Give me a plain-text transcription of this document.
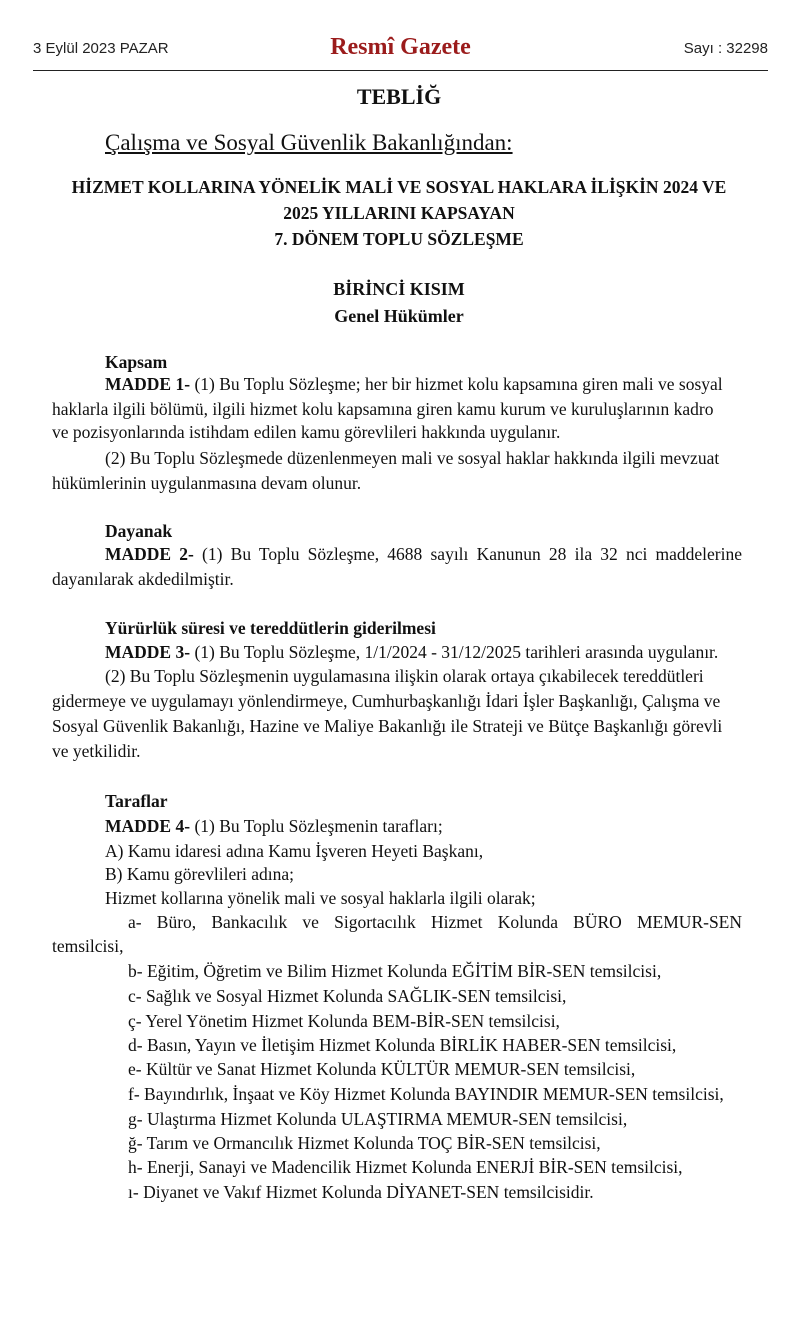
3 Eylül 2023 PAZAR	Resmî Gazete	Sayı : 32298
TEBLİĞ
Çalışma ve Sosyal Güvenlik Bakanlığından:
HİZMET KOLLARINA YÖNELİK MALİ VE SOSYAL HAKLARA İLİŞKİN 2024 VE
2025 YILLARINI KAPSAYAN
7. DÖNEM TOPLU SÖZLEŞME
BİRİNCİ KISIM
Genel Hükümler
Kapsam
MADDE 1- (1) Bu Toplu Sözleşme; her bir hizmet kolu kapsamına giren mali ve sosyal
haklarla ilgili bölümü, ilgili hizmet kolu kapsamına giren kamu kurum ve kuruluşlarının kadro
ve pozisyonlarında istihdam edilen kamu görevlileri hakkında uygulanır.
(2) Bu Toplu Sözleşmede düzenlenmeyen mali ve sosyal haklar hakkında ilgili mevzuat
hükümlerinin uygulanmasına devam olunur.
Dayanak
MADDE 2- (1) Bu Toplu Sözleşme, 4688 sayılı Kanunun 28 ila 32 nci maddelerine
dayanılarak akdedilmiştir.
Yürürlük süresi ve tereddütlerin giderilmesi
MADDE 3- (1) Bu Toplu Sözleşme, 1/1/2024 - 31/12/2025 tarihleri arasında uygulanır.
(2) Bu Toplu Sözleşmenin uygulamasına ilişkin olarak ortaya çıkabilecek tereddütleri
gidermeye ve uygulamayı yönlendirmeye, Cumhurbaşkanlığı İdari İşler Başkanlığı, Çalışma ve
Sosyal Güvenlik Bakanlığı, Hazine ve Maliye Bakanlığı ile Strateji ve Bütçe Başkanlığı görevli
ve yetkilidir.
Taraflar
MADDE 4- (1) Bu Toplu Sözleşmenin tarafları;
A) Kamu idaresi adına Kamu İşveren Heyeti Başkanı,
B) Kamu görevlileri adına;
Hizmet kollarına yönelik mali ve sosyal haklarla ilgili olarak;
a- Büro, Bankacılık ve Sigortacılık Hizmet Kolunda BÜRO MEMUR-SEN
temsilcisi,
b- Eğitim, Öğretim ve Bilim Hizmet Kolunda EĞİTİM BİR-SEN temsilcisi,
c- Sağlık ve Sosyal Hizmet Kolunda SAĞLIK-SEN temsilcisi,
ç- Yerel Yönetim Hizmet Kolunda BEM-BİR-SEN temsilcisi,
d- Basın, Yayın ve İletişim Hizmet Kolunda BİRLİK HABER-SEN temsilcisi,
e- Kültür ve Sanat Hizmet Kolunda KÜLTÜR MEMUR-SEN temsilcisi,
f- Bayındırlık, İnşaat ve Köy Hizmet Kolunda BAYINDIR MEMUR-SEN temsilcisi,
g- Ulaştırma Hizmet Kolunda ULAŞTIRMA MEMUR-SEN temsilcisi,
ğ- Tarım ve Ormancılık Hizmet Kolunda TOÇ BİR-SEN temsilcisi,
h- Enerji, Sanayi ve Madencilik Hizmet Kolunda ENERJİ BİR-SEN temsilcisi,
ı- Diyanet ve Vakıf Hizmet Kolunda DİYANET-SEN temsilcisidir.
